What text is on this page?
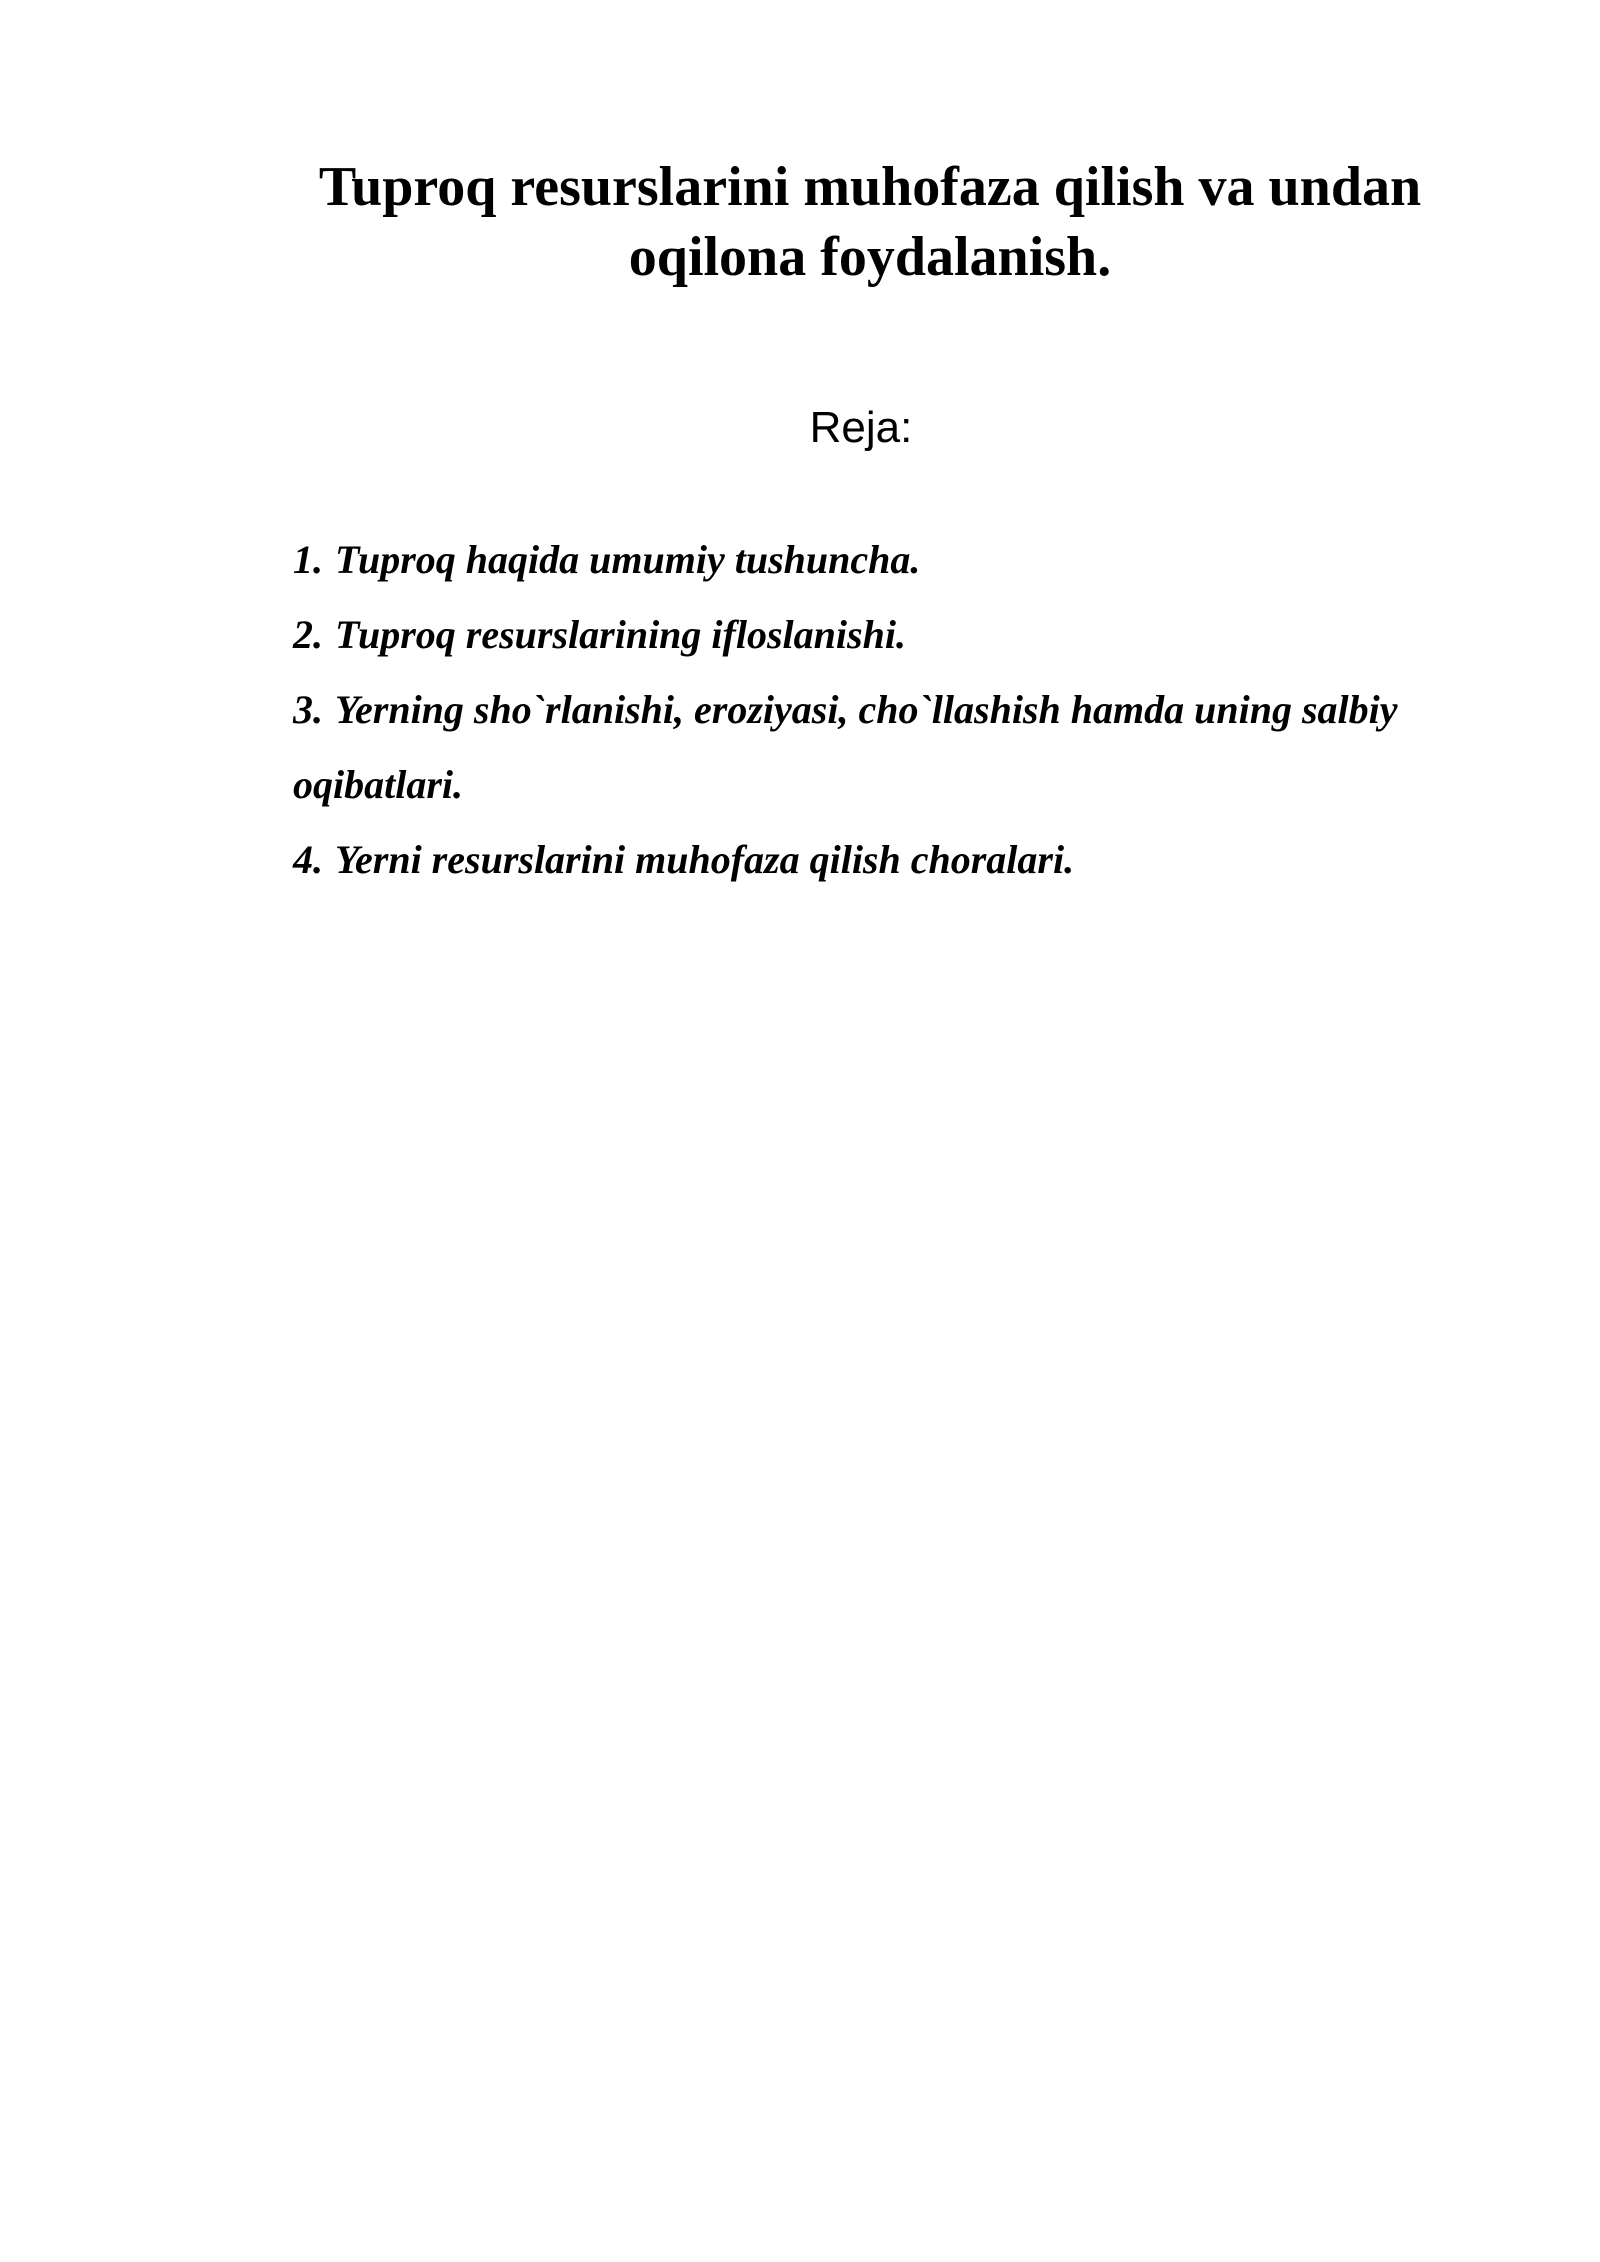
Tuproq resurslarini muhofaza qilish va undan
oqilona foydalanish.
Reja:
1. Tuproq haqida umumiy tushuncha.
2. Tuproq resurslarining ifloslanishi.
3. Yerning sho`rlanishi, eroziyasi, cho`llashish hamda uning salbiy oqibatlari.
4. Yerni resurslarini muhofaza qilish choralari.
